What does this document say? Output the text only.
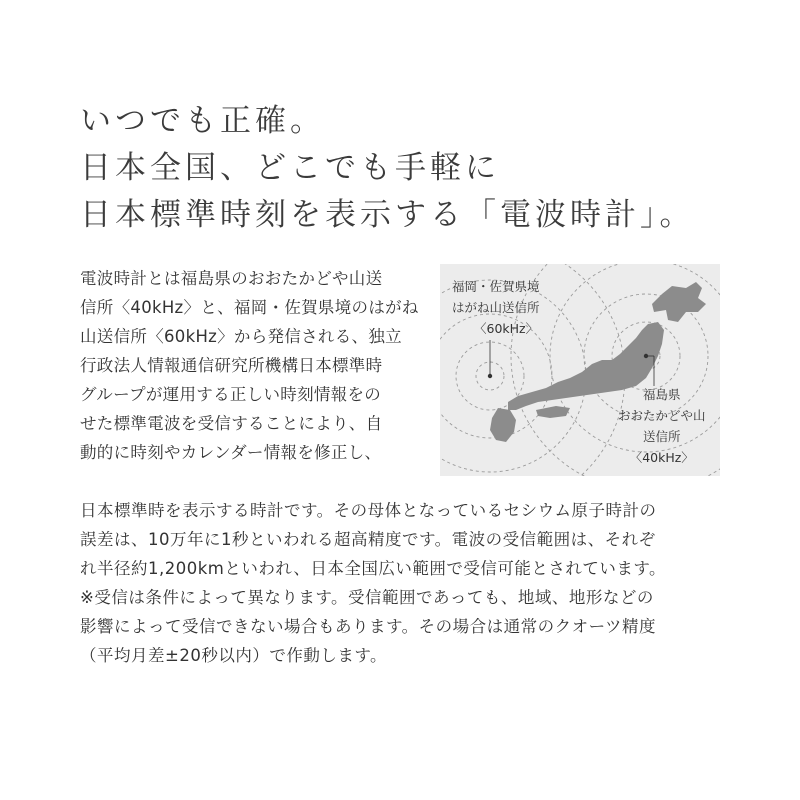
いつでも正確。
日本全国、どこでも手軽に
日本標準時刻を表示する「電波時計」。
電波時計とは福島県のおおたかどや山送
信所〈40kHz〉と、福岡・佐賀県境のはがね
山送信所〈60kHz〉から発信される、独立
行政法人情報通信研究所機構日本標準時
グループが運用する正しい時刻情報をの
せた標準電波を受信することにより、自
動的に時刻やカレンダー情報を修正し、
福岡・佐賀県境
はがね山送信所
〈60kHz〉
福島県
おおたかどや山
送信所
〈40kHz〉
日本標準時を表示する時計です。その母体となっているセシウム原子時計の
誤差は、10万年に1秒といわれる超高精度です。電波の受信範囲は、それぞ
れ半径約1,200kmといわれ、日本全国広い範囲で受信可能とされています。
※受信は条件によって異なります。受信範囲であっても、地域、地形などの
影響によって受信できない場合もあります。その場合は通常のクオーツ精度
（平均月差±20秒以内）で作動します。
